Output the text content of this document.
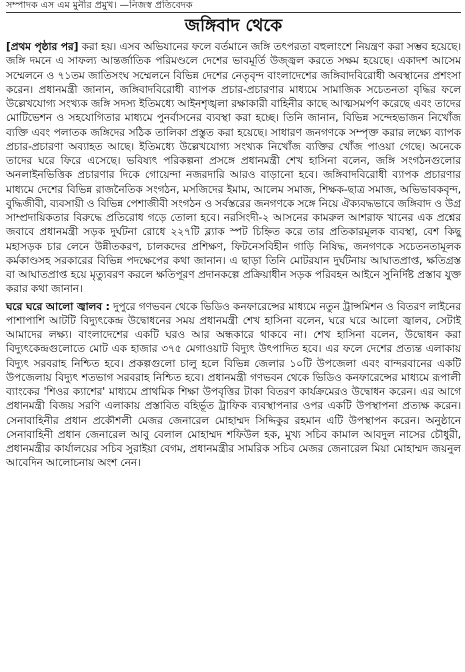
সম্পাদক এস এম মুনীর প্রমুখ। —নিজস্ব প্রতিবেদক
জঙ্গিবাদ থেকে

[প্রথম পৃষ্ঠার পর] করা হয়। এসব অভিযানের ফলে বর্তমানে জঙ্গি তৎপরতা বহুলাংশে নিয়ন্ত্রণ করা সম্ভব হয়েছে। জঙ্গি দমনে এ সাফল্য আন্তর্জাতিক পরিমণ্ডলে দেশের ভাবমূর্তি উজ্জ্বল করতে সক্ষম হয়েছে। একাদশ আসেম সম্মেলনে ও ৭১তম জাতিসংঘ সম্মেলনে বিভিন্ন দেশের নেতৃবৃন্দ বাংলাদেশের জঙ্গিবাদবিরোধী অবস্থানের প্রশংসা করেন। প্রধানমন্ত্রী জানান, জঙ্গিবাদবিরোধী ব্যাপক প্রচার-প্রচারণার মাধ্যমে সামাজিক সচেতনতা বৃদ্ধির ফলে উল্লেখযোগ্য সংখ্যক জঙ্গি সদস্য ইতিমধ্যে আইনশৃঙ্খলা রক্ষাকারী বাহিনীর কাছে আত্মসমর্পণ করেছে এবং তাদের মোটিভেশন ও সহযোগিতার মাধ্যমে পুনর্বাসনের ব্যবস্থা করা হচ্ছে। তিনি জানান, বিভিন্ন সন্দেহভাজন নিখোঁজ ব্যক্তি এবং পলাতক জঙ্গিদের সঠিক তালিকা প্রস্তুত করা হয়েছে। সাধারণ জনগণকে সম্পৃক্ত করার লক্ষ্যে ব্যাপক প্রচার-প্রচারণা অব্যাহত আছে। ইতিমধ্যে উল্লেখযোগ্য সংখ্যক নিখোঁজ ব্যক্তির খোঁজ পাওয়া গেছে। অনেকে তাদের ঘরে ফিরে এসেছে। ভবিষ্যৎ পরিকল্পনা প্রসঙ্গে প্রধানমন্ত্রী শেখ হাসিনা বলেন, জঙ্গি সংগঠনগুলোর অনলাইনভিত্তিক প্রচারণার দিকে গোয়েন্দা নজরদারি আরও বাড়ানো হবে। জঙ্গিবাদবিরোধী ব্যাপক প্রচারণার মাধ্যমে দেশের বিভিন্ন রাজনৈতিক সংগঠন, মসজিদের ইমাম, আলেম সমাজ, শিক্ষক-ছাত্র সমাজ, অভিভাবকবৃন্দ, বুদ্ধিজীবী, ব্যবসায়ী ও বিভিন্ন পেশাজীবী সংগঠন ও সর্বস্তরের জনগণকে সঙ্গে নিয়ে ঐক্যবদ্ধভাবে জঙ্গিবাদ ও উগ্র সাম্প্রদায়িকতার বিরুদ্ধে প্রতিরোধ গড়ে তোলা হবে। নরসিংদী-২ আসনের কামরুল আশরাফ খানের এক প্রশ্নের জবাবে প্রধানমন্ত্রী সড়ক দুর্ঘটনা রোধে ২২৭টি ব্ল্যাক স্পট চিহ্নিত করে তার প্রতিকারমূলক ব্যবস্থা, বেশ কিছু মহাসড়ক চার লেনে উন্নীতকরণ, চালকদের প্রশিক্ষণ, ফিটনেসবিহীন গাড়ি নিষিদ্ধ, জনগণকে সচেতনতামূলক কর্মকাণ্ডসহ সরকারের বিভিন্ন পদক্ষেপের কথা জানান। এ ছাড়া তিনি মোটরযান দুর্ঘটনায় আঘাতপ্রাপ্ত, ক্ষতিগ্রস্ত বা আঘাতপ্রাপ্ত হয়ে মৃত্যুবরণ করলে ক্ষতিপূরণ প্রদানকল্পে প্রক্রিয়াধীন সড়ক পরিবহন আইনে সুনির্দিষ্ট প্রস্তাব যুক্ত করার কথা জানান।

ঘরে ঘরে আলো জ্বালব : দুপুরে গণভবন থেকে ভিডিও কনফারেন্সের মাধ্যমে নতুন ট্রান্সমিশন ও বিতরণ লাইনের পাশাপাশি আটটি বিদ্যুৎকেন্দ্র উদ্বোধনের সময় প্রধানমন্ত্রী শেখ হাসিনা বলেন, ঘরে ঘরে আলো জ্বালব, সেটাই আমাদের লক্ষ্য। বাংলাদেশের একটি ঘরও আর অন্ধকারে থাকবে না। শেখ হাসিনা বলেন, উদ্বোধন করা বিদ্যুৎকেন্দ্রগুলোতে মোট এক হাজার ৩৭৫ মেগাওয়াট বিদ্যুৎ উৎপাদিত হবে। এর ফলে দেশের প্রত্যন্ত এলাকায় বিদ্যুৎ সরবরাহ নিশ্চিত হবে। প্রকল্পগুলো চালু হলে বিভিন্ন জেলার ১০টি উপজেলা এবং বান্দরবানের একটি উপজেলায় বিদ্যুৎ শতভাগ সরবরাহ নিশ্চিত হবে। প্রধানমন্ত্রী গণভবন থেকে ভিডিও কনফারেন্সের মাধ্যমে রূপালী ব্যাংকের 'শিওর ক্যাশের' মাধ্যমে প্রাথমিক শিক্ষা উপবৃত্তির টাকা বিতরণ কার্যক্রমেরও উদ্বোধন করেন। এর আগে প্রধানমন্ত্রী বিজয় সরণি এলাকায় প্রস্তাবিত বহির্ভূত ট্রাফিক ব্যবস্থাপনার ওপর একটি উপস্থাপনা প্রত্যক্ষ করেন। সেনাবাহিনীর প্রধান প্রকৌশলী মেজর জেনারেল মোহাম্মদ সিদ্দিকুর রহমান এটি উপস্থাপন করেন। অনুষ্ঠানে সেনাবাহিনী প্রধান জেনারেল আবু বেলাল মোহাম্মদ শফিউল হক, মুখ্য সচিব কামাল আবদুল নাসের চৌধুরী, প্রধানমন্ত্রীর কার্যালয়ের সচিব সুরাইয়া বেগম, প্রধানমন্ত্রীর সামরিক সচিব মেজর জেনারেল মিয়া মোহাম্মদ জয়নুল আবেদিন আলোচনায় অংশ নেন।
